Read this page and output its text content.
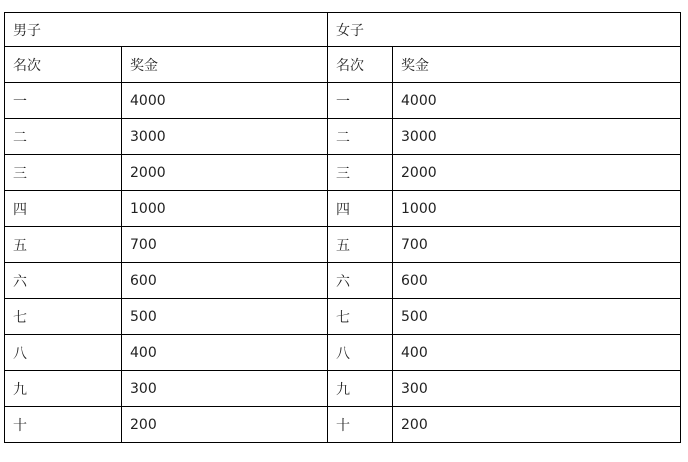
男子		女子	
名次	奖金	名次	奖金
一	4000	一	4000
二	3000	二	3000
三	2000	三	2000
四	1000	四	1000
五	700	五	700
六	600	六	600
七	500	七	500
八	400	八	400
九	300	九	300
十	200	十	200
